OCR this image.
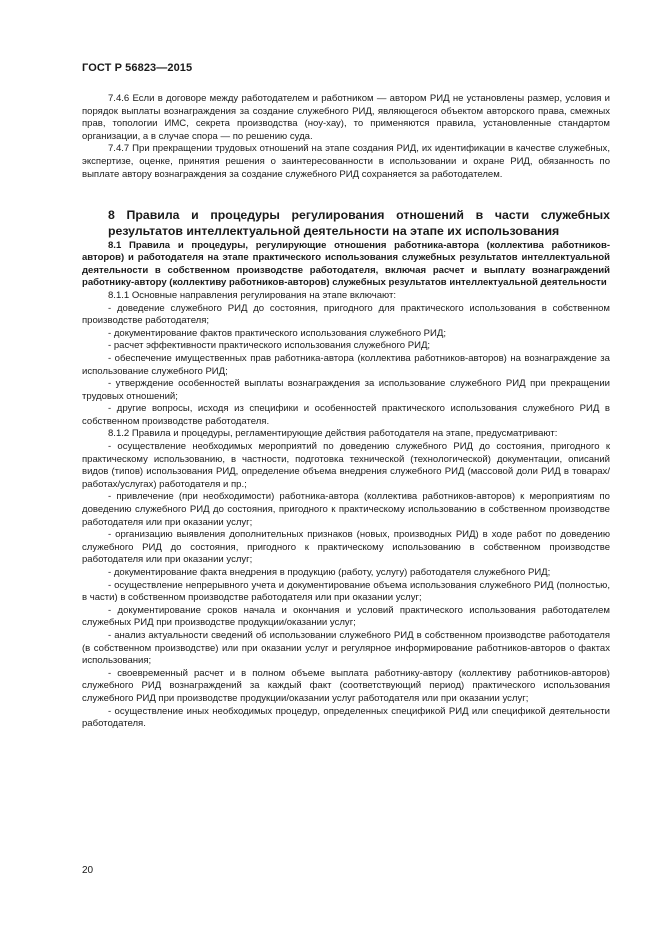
ГОСТ Р 56823—2015

7.4.6 Если в договоре между работодателем и работником — автором РИД не установлены размер, условия и порядок выплаты вознаграждения за создание служебного РИД, являющегося объектом авторского права, смежных прав, топологии ИМС, секрета производства (ноу-хау), то применяются правила, установленные стандартом организации, а в случае спора — по решению суда.

7.4.7 При прекращении трудовых отношений на этапе создания РИД, их идентификации в качестве служебных, экспертизе, оценке, принятия решения о заинтересованности в использовании и охране РИД, обязанность по выплате автору вознаграждения за создание служебного РИД сохраняется за работодателем.

8 Правила и процедуры регулирования отношений в части служебных результатов интеллектуальной деятельности на этапе их использования

8.1 Правила и процедуры, регулирующие отношения работника-автора (коллектива работников-авторов) и работодателя на этапе практического использования служебных результатов интеллектуальной деятельности в собственном производстве работодателя, включая расчет и выплату вознаграждений работнику-автору (коллективу работников-авторов) служебных результатов интеллектуальной деятельности

8.1.1 Основные направления регулирования на этапе включают:

- доведение служебного РИД до состояния, пригодного для практического использования в собственном производстве работодателя;

- документирование фактов практического использования служебного РИД;

- расчет эффективности практического использования служебного РИД;

- обеспечение имущественных прав работника-автора (коллектива работников-авторов) на вознаграждение за использование служебного РИД;

- утверждение особенностей выплаты вознаграждения за использование служебного РИД при прекращении трудовых отношений;

- другие вопросы, исходя из специфики и особенностей практического использования служебного РИД в собственном производстве работодателя.

8.1.2 Правила и процедуры, регламентирующие действия работодателя на этапе, предусматривают:

- осуществление необходимых мероприятий по доведению служебного РИД до состояния, пригодного к практическому использованию, в частности, подготовка технической (технологической) документации, описаний видов (типов) использования РИД, определение объема внедрения служебного РИД (массовой доли РИД в товарах/работах/услугах) работодателя и пр.;

- привлечение (при необходимости) работника-автора (коллектива работников-авторов) к мероприятиям по доведению служебного РИД до состояния, пригодного к практическому использованию в собственном производстве работодателя или при оказании услуг;

- организацию выявления дополнительных признаков (новых, производных РИД) в ходе работ по доведению служебного РИД до состояния, пригодного к практическому использованию в собственном производстве работодателя или при оказании услуг;

- документирование факта внедрения в продукцию (работу, услугу) работодателя служебного РИД;

- осуществление непрерывного учета и документирование объема использования служебного РИД (полностью, в части) в собственном производстве работодателя или при оказании услуг;

- документирование сроков начала и окончания и условий практического использования работодателем служебных РИД при производстве продукции/оказании услуг;

- анализ актуальности сведений об использовании служебного РИД в собственном производстве работодателя (в собственном производстве) или при оказании услуг и регулярное информирование работников-авторов о фактах использования;

- своевременный расчет и в полном объеме выплата работнику-автору (коллективу работников-авторов) служебного РИД вознаграждений за каждый факт (соответствующий период) практического использования служебного РИД при производстве продукции/оказании услуг работодателя или при оказании услуг;

- осуществление иных необходимых процедур, определенных спецификой РИД или спецификой деятельности работодателя.

20
